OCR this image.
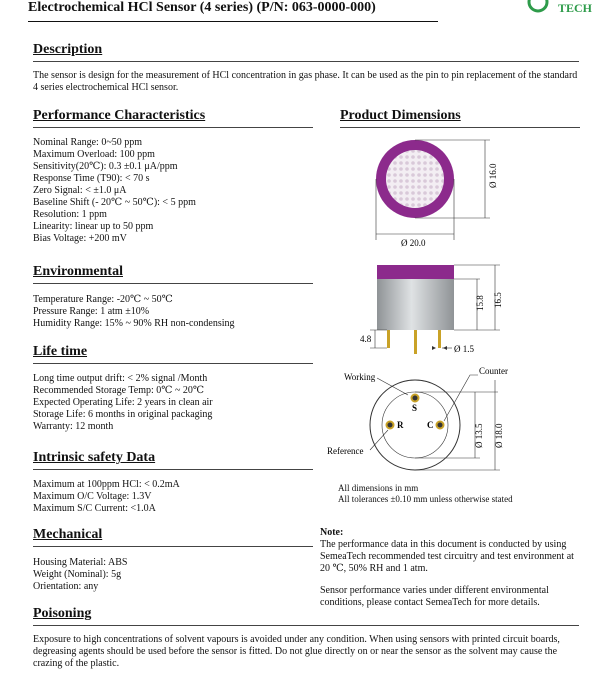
Electrochemical HCl Sensor (4 series) (P/N: 063-0000-000)	TECH
Description
The sensor is design for the measurement of HCl concentration in gas phase. It can be used as the pin to pin replacement of the standard 4 series electrochemical HCl sensor.
Performance Characteristics
Nominal Range: 0~50 ppm
Maximum Overload: 100 ppm
Sensitivity(20℃): 0.3 ±0.1 μA/ppm
Response Time (T90): < 70 s
Zero Signal: < ±1.0 μA
Baseline Shift (- 20℃ ~ 50℃): < 5 ppm
Resolution: 1 ppm
Linearity: linear up to 50 ppm
Bias Voltage: +200 mV
Environmental
Temperature Range: -20℃ ~ 50℃
Pressure Range: 1 atm ±10%
Humidity Range: 15% ~ 90% RH non-condensing
Life time
Long time output drift: < 2% signal /Month
Recommended Storage Temp: 0℃ ~ 20℃
Expected Operating Life: 2 years in clean air
Storage Life: 6 months in original packaging
Warranty: 12 month
Intrinsic safety Data
Maximum at 100ppm HCl: < 0.2mA
Maximum O/C Voltage: 1.3V
Maximum S/C Current: <1.0A
Mechanical
Housing Material: ABS
Weight (Nominal): 5g
Orientation: any
Poisoning
Exposure to high concentrations of solvent vapours is avoided under any condition. When using sensors with printed circuit boards, degreasing agents should be used before the sensor is fitted. Do not glue directly on or near the sensor as the solvent may cause the crazing of the plastic.
Product Dimensions
Ø 16.0
Ø 20.0
15.8 16.5
4.8
Ø 1.5
S
R	C
Working
Counter
Reference
Ø 13.5 Ø 18.0
All dimensions in mm
All tolerances ±0.10 mm unless otherwise stated
Note:
The performance data in this document is conducted by using SemeaTech recommended test circuitry and test environment at 20 ℃, 50% RH and 1 atm.
Sensor performance varies under different environmental conditions, please contact SemeaTech for more details.
